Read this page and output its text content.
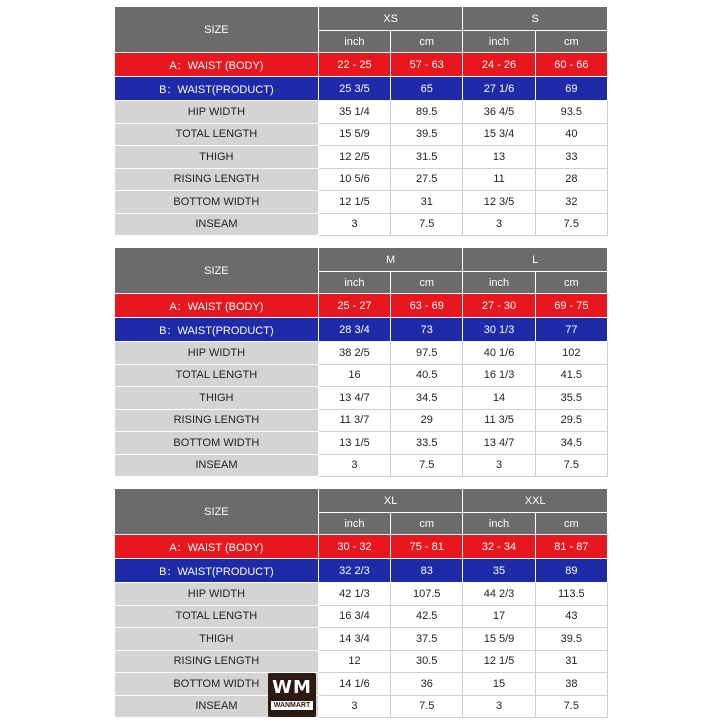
SIZE	XS		S	
	inch	cm	inch	cm
A：WAIST (BODY)	22 - 25	57 - 63	24 - 26	60 - 66
B：WAIST(PRODUCT)	25 3/5	65	27 1/6	69
HIP WIDTH	35 1/4	89.5	36 4/5	93.5
TOTAL LENGTH	15 5/9	39.5	15 3/4	40
THIGH	12 2/5	31.5	13	33
RISING LENGTH	10 5/6	27.5	11	28
BOTTOM WIDTH	12 1/5	31	12 3/5	32
INSEAM	3	7.5	3	7.5
SIZE	M		L	
	inch	cm	inch	cm
A：WAIST (BODY)	25 - 27	63 - 69	27 - 30	69 - 75
B：WAIST(PRODUCT)	28 3/4	73	30 1/3	77
HIP WIDTH	38 2/5	97.5	40 1/6	102
TOTAL LENGTH	16	40.5	16 1/3	41.5
THIGH	13 4/7	34.5	14	35.5
RISING LENGTH	11 3/7	29	11 3/5	29.5
BOTTOM WIDTH	13 1/5	33.5	13 4/7	34.5
INSEAM	3	7.5	3	7.5
SIZE	XL		XXL	
	inch	cm	inch	cm
A：WAIST (BODY)	30 - 32	75 - 81	32 - 34	81 - 87
B：WAIST(PRODUCT)	32 2/3	83	35	89
HIP WIDTH	42 1/3	107.5	44 2/3	113.5
TOTAL LENGTH	16 3/4	42.5	17	43
THIGH	14 3/4	37.5	15 5/9	39.5
RISING LENGTH	12	30.5	12 1/5	31
BOTTOM WIDTH	14 1/6	36	15	38
INSEAM	3	7.5	3	7.5
WM
WANMART
